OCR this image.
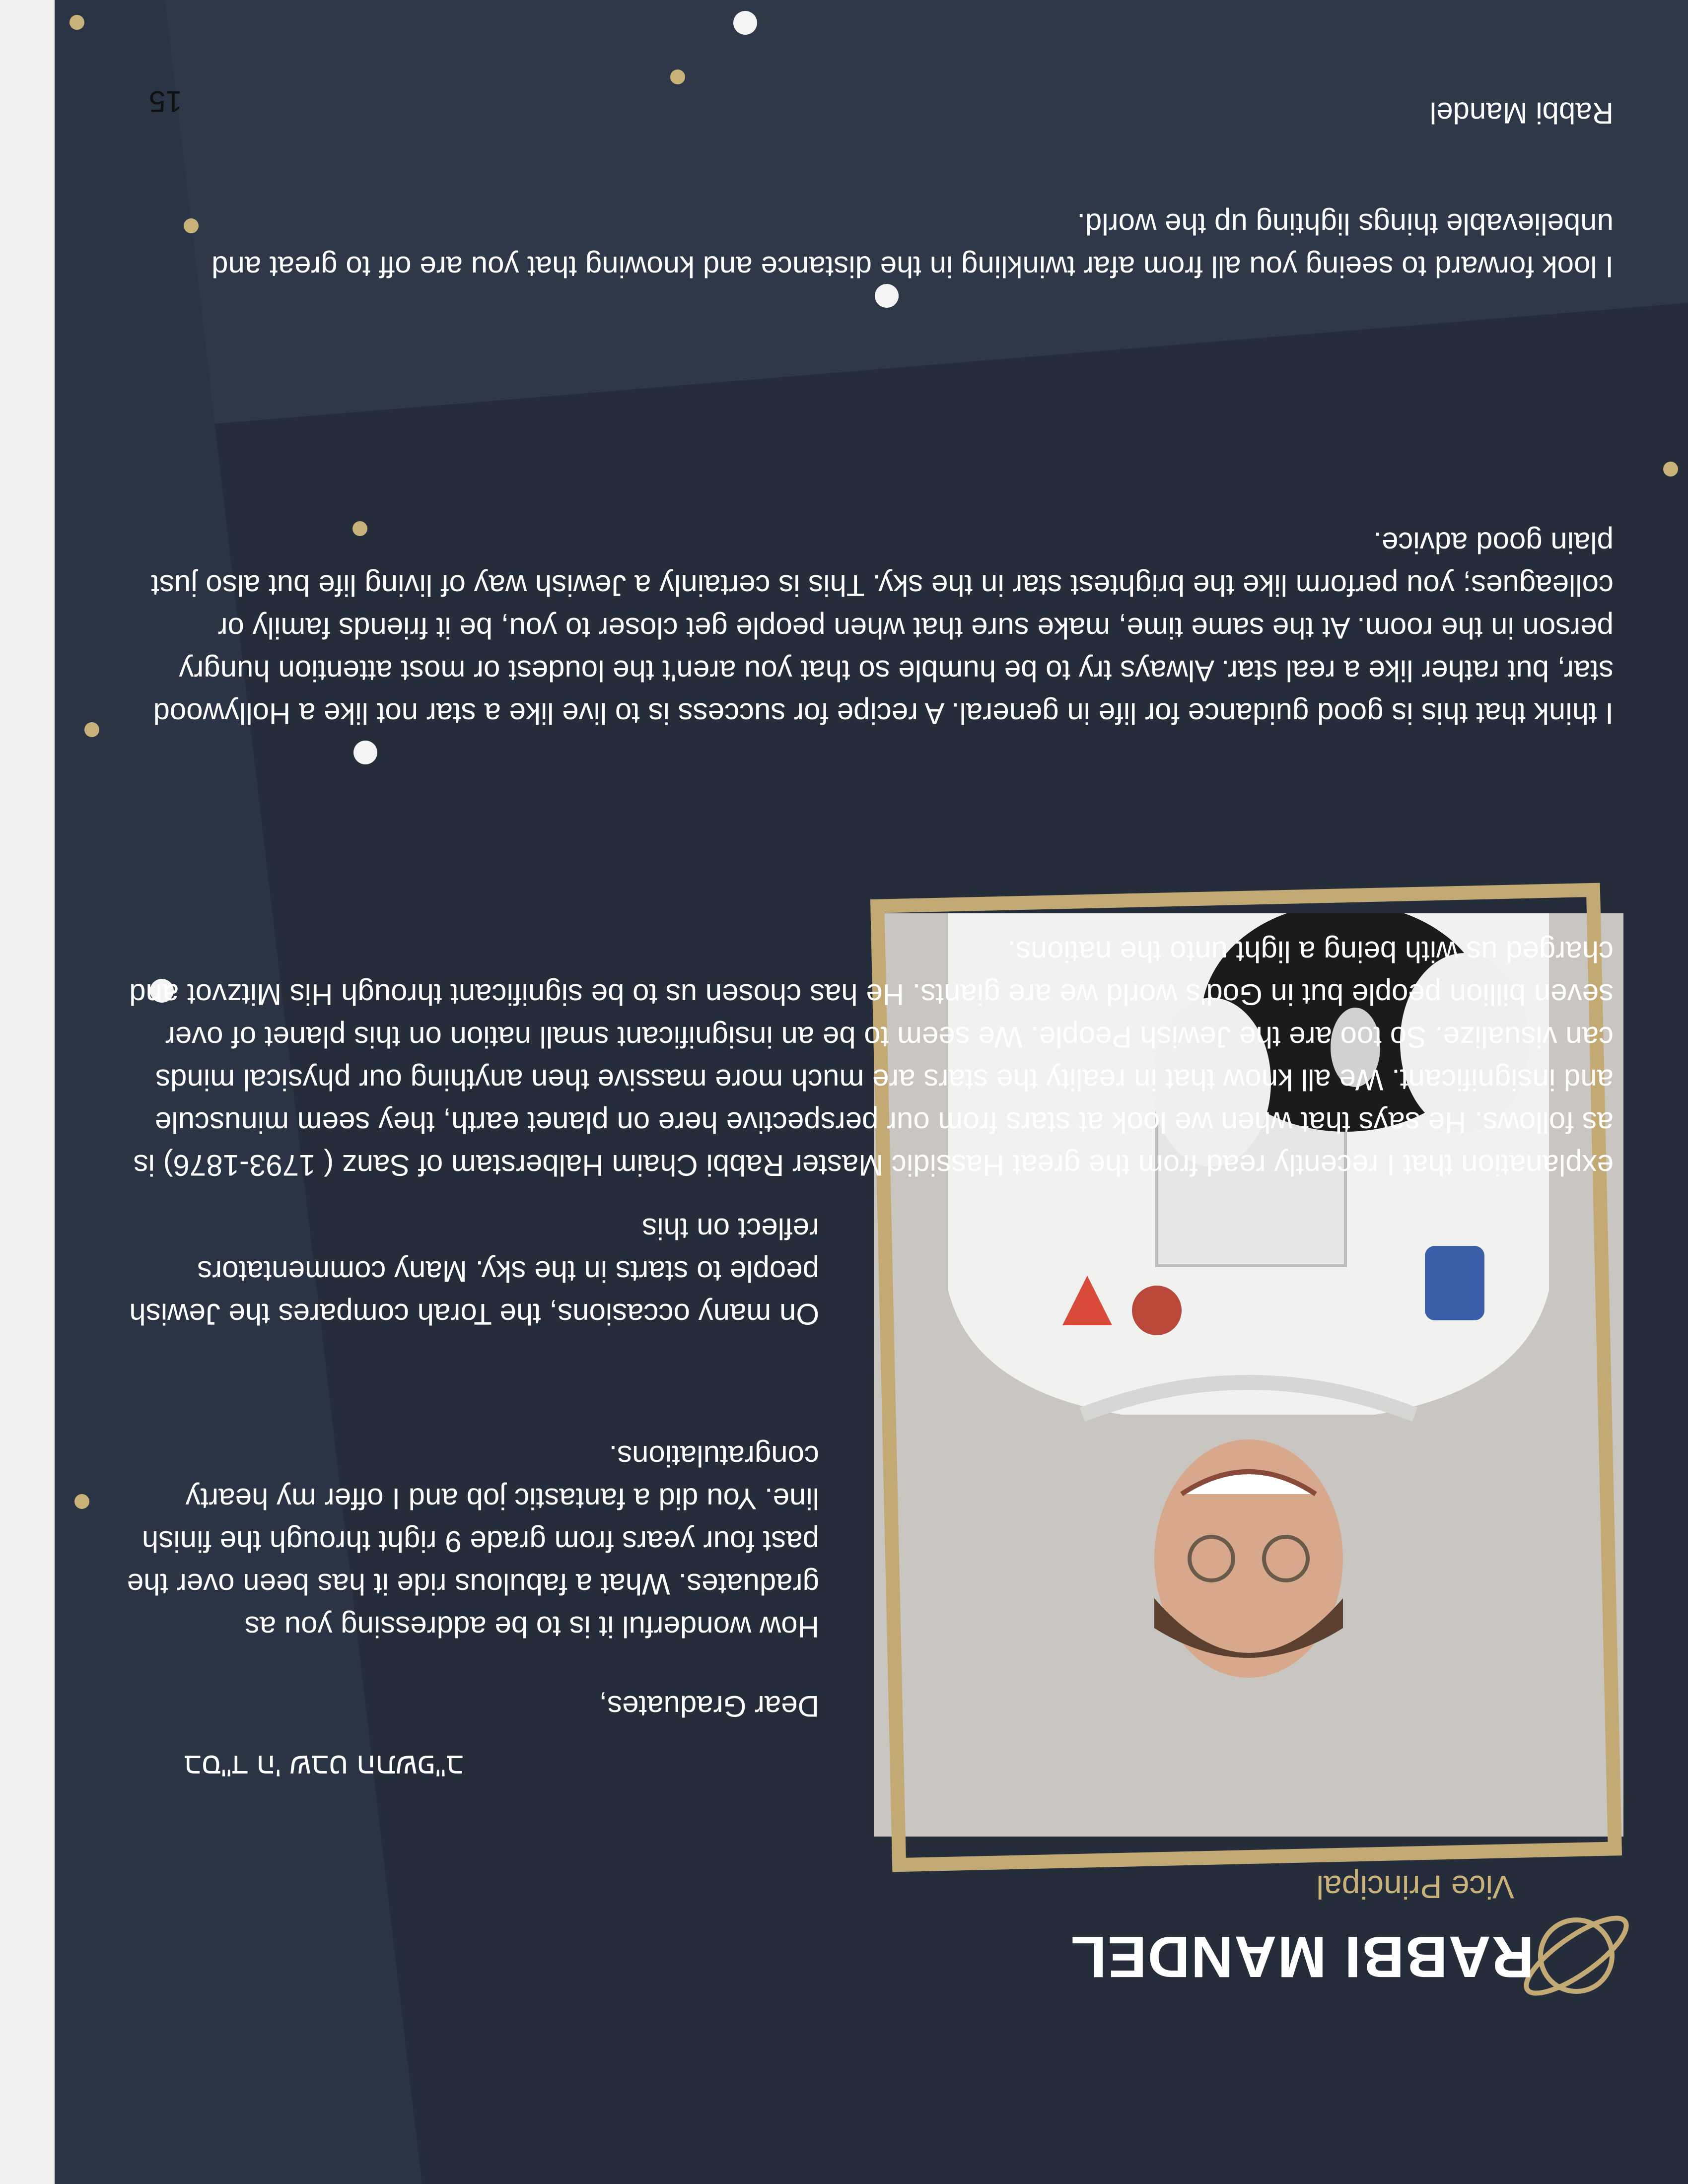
RABBI MANDEL
Vice Principal

בס"ד ה' שבט התשפ"ב

Dear Graduates,

How wonderful it is to be addressing you as graduates. What a fabulous ride it has been over the past four years from grade 9 right through the finish line. You did a fantastic job and I offer my hearty congratulations.

On many occasions, the Torah compares the Jewish people to starts in the sky. Many commentators reflect on this

explanation that I recently read from the great Hassidic Master Rabbi Chaim Halberstam of Sanz ( 1793-1876) is as follows. He says that when we look at stars from our perspective here on planet earth, they seem minuscule and insignificant. We all know that in reality the stars are much more massive then anything our physical minds can visualize. So too are the Jewish People. We seem to be an insignificant small nation on this planet of over seven billion people but in God's world we are giants. He has chosen us to be significant through His Mitzvot and charged us with being a light unto the nations.

I think that this is good guidance for life in general. A recipe for success is to live like a star not like a Hollywood star, but rather like a real star. Always try to be humble so that you aren't the loudest or most attention hungry person in the room. At the same time, make sure that when people get closer to you, be it friends family or colleagues; you perform like the brightest star in the sky. This is certainly a Jewish way of living life but also just plain good advice.

I look forward to seeing you all from afar twinkling in the distance and knowing that you are off to great and unbelievable things lighting up the world.

Rabbi Mandel

15
